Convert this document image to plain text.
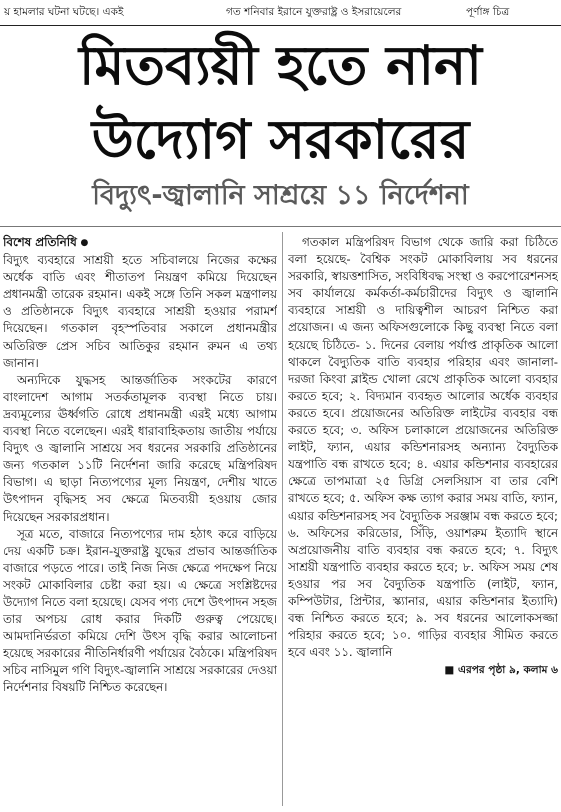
য় হামলার ঘটনা ঘটছে। একই	গত শনিবার ইরানে যুক্তরাষ্ট্র ও ইসরায়েলের	পূর্ণাঙ্গ চিত্র
মিতব্যয়ী হতে নানা
উদ্যোগ সরকারের
বিদ্যুৎ-জ্বালানি সাশ্রয়ে ১১ নির্দেশনা

বিশেষ প্রতিনিধি ●
বিদ্যুৎ ব্যবহারে সাশ্রয়ী হতে সচিবালয়ে নিজের কক্ষের অর্ধেক বাতি এবং শীতাতপ নিয়ন্ত্রণ কমিয়ে দিয়েছেন প্রধানমন্ত্রী তারেক রহমান। একই সঙ্গে তিনি সকল মন্ত্রণালয় ও প্রতিষ্ঠানকে বিদ্যুৎ ব্যবহারে সাশ্রয়ী হওয়ার পরামর্শ দিয়েছেন। গতকাল বৃহস্পতিবার সকালে প্রধানমন্ত্রীর অতিরিক্ত প্রেস সচিব আতিকুর রহমান রুমন এ তথ্য জানান।

অন্যদিকে যুদ্ধসহ আন্তর্জাতিক সংকটের কারণে বাংলাদেশ আগাম সতর্কতামূলক ব্যবস্থা নিতে চায়। দ্রব্যমূল্যের ঊর্ধ্বগতি রোধে প্রধানমন্ত্রী এরই মধ্যে আগাম ব্যবস্থা নিতে বলেছেন। এরই ধারাবাহিকতায় জাতীয় পর্যায়ে বিদ্যুৎ ও জ্বালানি সাশ্রয়ে সব ধরনের সরকারি প্রতিষ্ঠানের জন্য গতকাল ১১টি নির্দেশনা জারি করেছে মন্ত্রিপরিষদ বিভাগ। এ ছাড়া নিত্যপণ্যের মূল্য নিয়ন্ত্রণ, দেশীয় খাতে উৎপাদন বৃদ্ধিসহ সব ক্ষেত্রে মিতব্যয়ী হওয়ায় জোর দিয়েছেন সরকারপ্রধান।

সূত্র মতে, বাজারে নিত্যপণ্যের দাম হঠাৎ করে বাড়িয়ে দেয় একটি চক্র। ইরান-যুক্তরাষ্ট্র যুদ্ধের প্রভাব আন্তর্জাতিক বাজারে পড়তে পারে। তাই নিজ নিজ ক্ষেত্রে পদক্ষেপ নিয়ে সংকট মোকাবিলার চেষ্টা করা হয়। এ ক্ষেত্রে সংশ্লিষ্টদের উদ্যোগ নিতে বলা হয়েছে। যেসব পণ্য দেশে উৎপাদন সহজ তার অপচয় রোধ করার দিকটি গুরুত্ব পেয়েছে। আমদানির্ভরতা কমিয়ে দেশি উৎস বৃদ্ধি করার আলোচনা হয়েছে সরকারের নীতিনির্ধারণী পর্যায়ের বৈঠকে। মন্ত্রিপরিষদ সচিব নাসিমুল গণি বিদ্যুৎ-জ্বালানি সাশ্রয়ে সরকারের দেওয়া নির্দেশনার বিষয়টি নিশ্চিত করেছেন।

গতকাল মন্ত্রিপরিষদ বিভাগ থেকে জারি করা চিঠিতে বলা হয়েছে- বৈশ্বিক সংকট মোকাবিলায় সব ধরনের সরকারি, স্বায়ত্তশাসিত, সংবিধিবদ্ধ সংস্থা ও করপোরেশনসহ সব কার্যালয়ে কর্মকর্তা-কর্মচারীদের বিদ্যুৎ ও জ্বালানি ব্যবহারে সাশ্রয়ী ও দায়িত্বশীল আচরণ নিশ্চিত করা প্রয়োজন। এ জন্য অফিসগুলোকে কিছু ব্যবস্থা নিতে বলা হয়েছে চিঠিতে- ১. দিনের বেলায় পর্যাপ্ত প্রাকৃতিক আলো থাকলে বৈদ্যুতিক বাতি ব্যবহার পরিহার এবং জানালা-দরজা কিংবা ব্লাইন্ড খোলা রেখে প্রাকৃতিক আলো ব্যবহার করতে হবে; ২. বিদ্যমান ব্যবহৃত আলোর অর্ধেক ব্যবহার করতে হবে। প্রয়োজনের অতিরিক্ত লাইটের ব্যবহার বন্ধ করতে হবে; ৩. অফিস চলাকালে প্রয়োজনের অতিরিক্ত লাইট, ফ্যান, এয়ার কন্ডিশনারসহ অন্যান্য বৈদ্যুতিক যন্ত্রপাতি বন্ধ রাখতে হবে; ৪. এয়ার কন্ডিশনার ব্যবহারের ক্ষেত্রে তাপমাত্রা ২৫ ডিগ্রি সেলসিয়াস বা তার বেশি রাখতে হবে; ৫. অফিস কক্ষ ত্যাগ করার সময় বাতি, ফ্যান, এয়ার কন্ডিশনারসহ সব বৈদ্যুতিক সরঞ্জাম বন্ধ করতে হবে; ৬. অফিসের করিডোর, সিঁড়ি, ওয়াশরুম ইত্যাদি স্থানে অপ্রয়োজনীয় বাতি ব্যবহার বন্ধ করতে হবে; ৭. বিদ্যুৎ সাশ্রয়ী যন্ত্রপাতি ব্যবহার করতে হবে; ৮. অফিস সময় শেষ হওয়ার পর সব বৈদ্যুতিক যন্ত্রপাতি (লাইট, ফ্যান, কম্পিউটার, প্রিন্টার, স্ক্যানার, এয়ার কন্ডিশনার ইত্যাদি) বন্ধ নিশ্চিত করতে হবে; ৯. সব ধরনের আলোকসজ্জা পরিহার করতে হবে; ১০. গাড়ির ব্যবহার সীমিত করতে হবে এবং ১১. জ্বালানি

■ এরপর পৃষ্ঠা ৯, কলাম ৬
